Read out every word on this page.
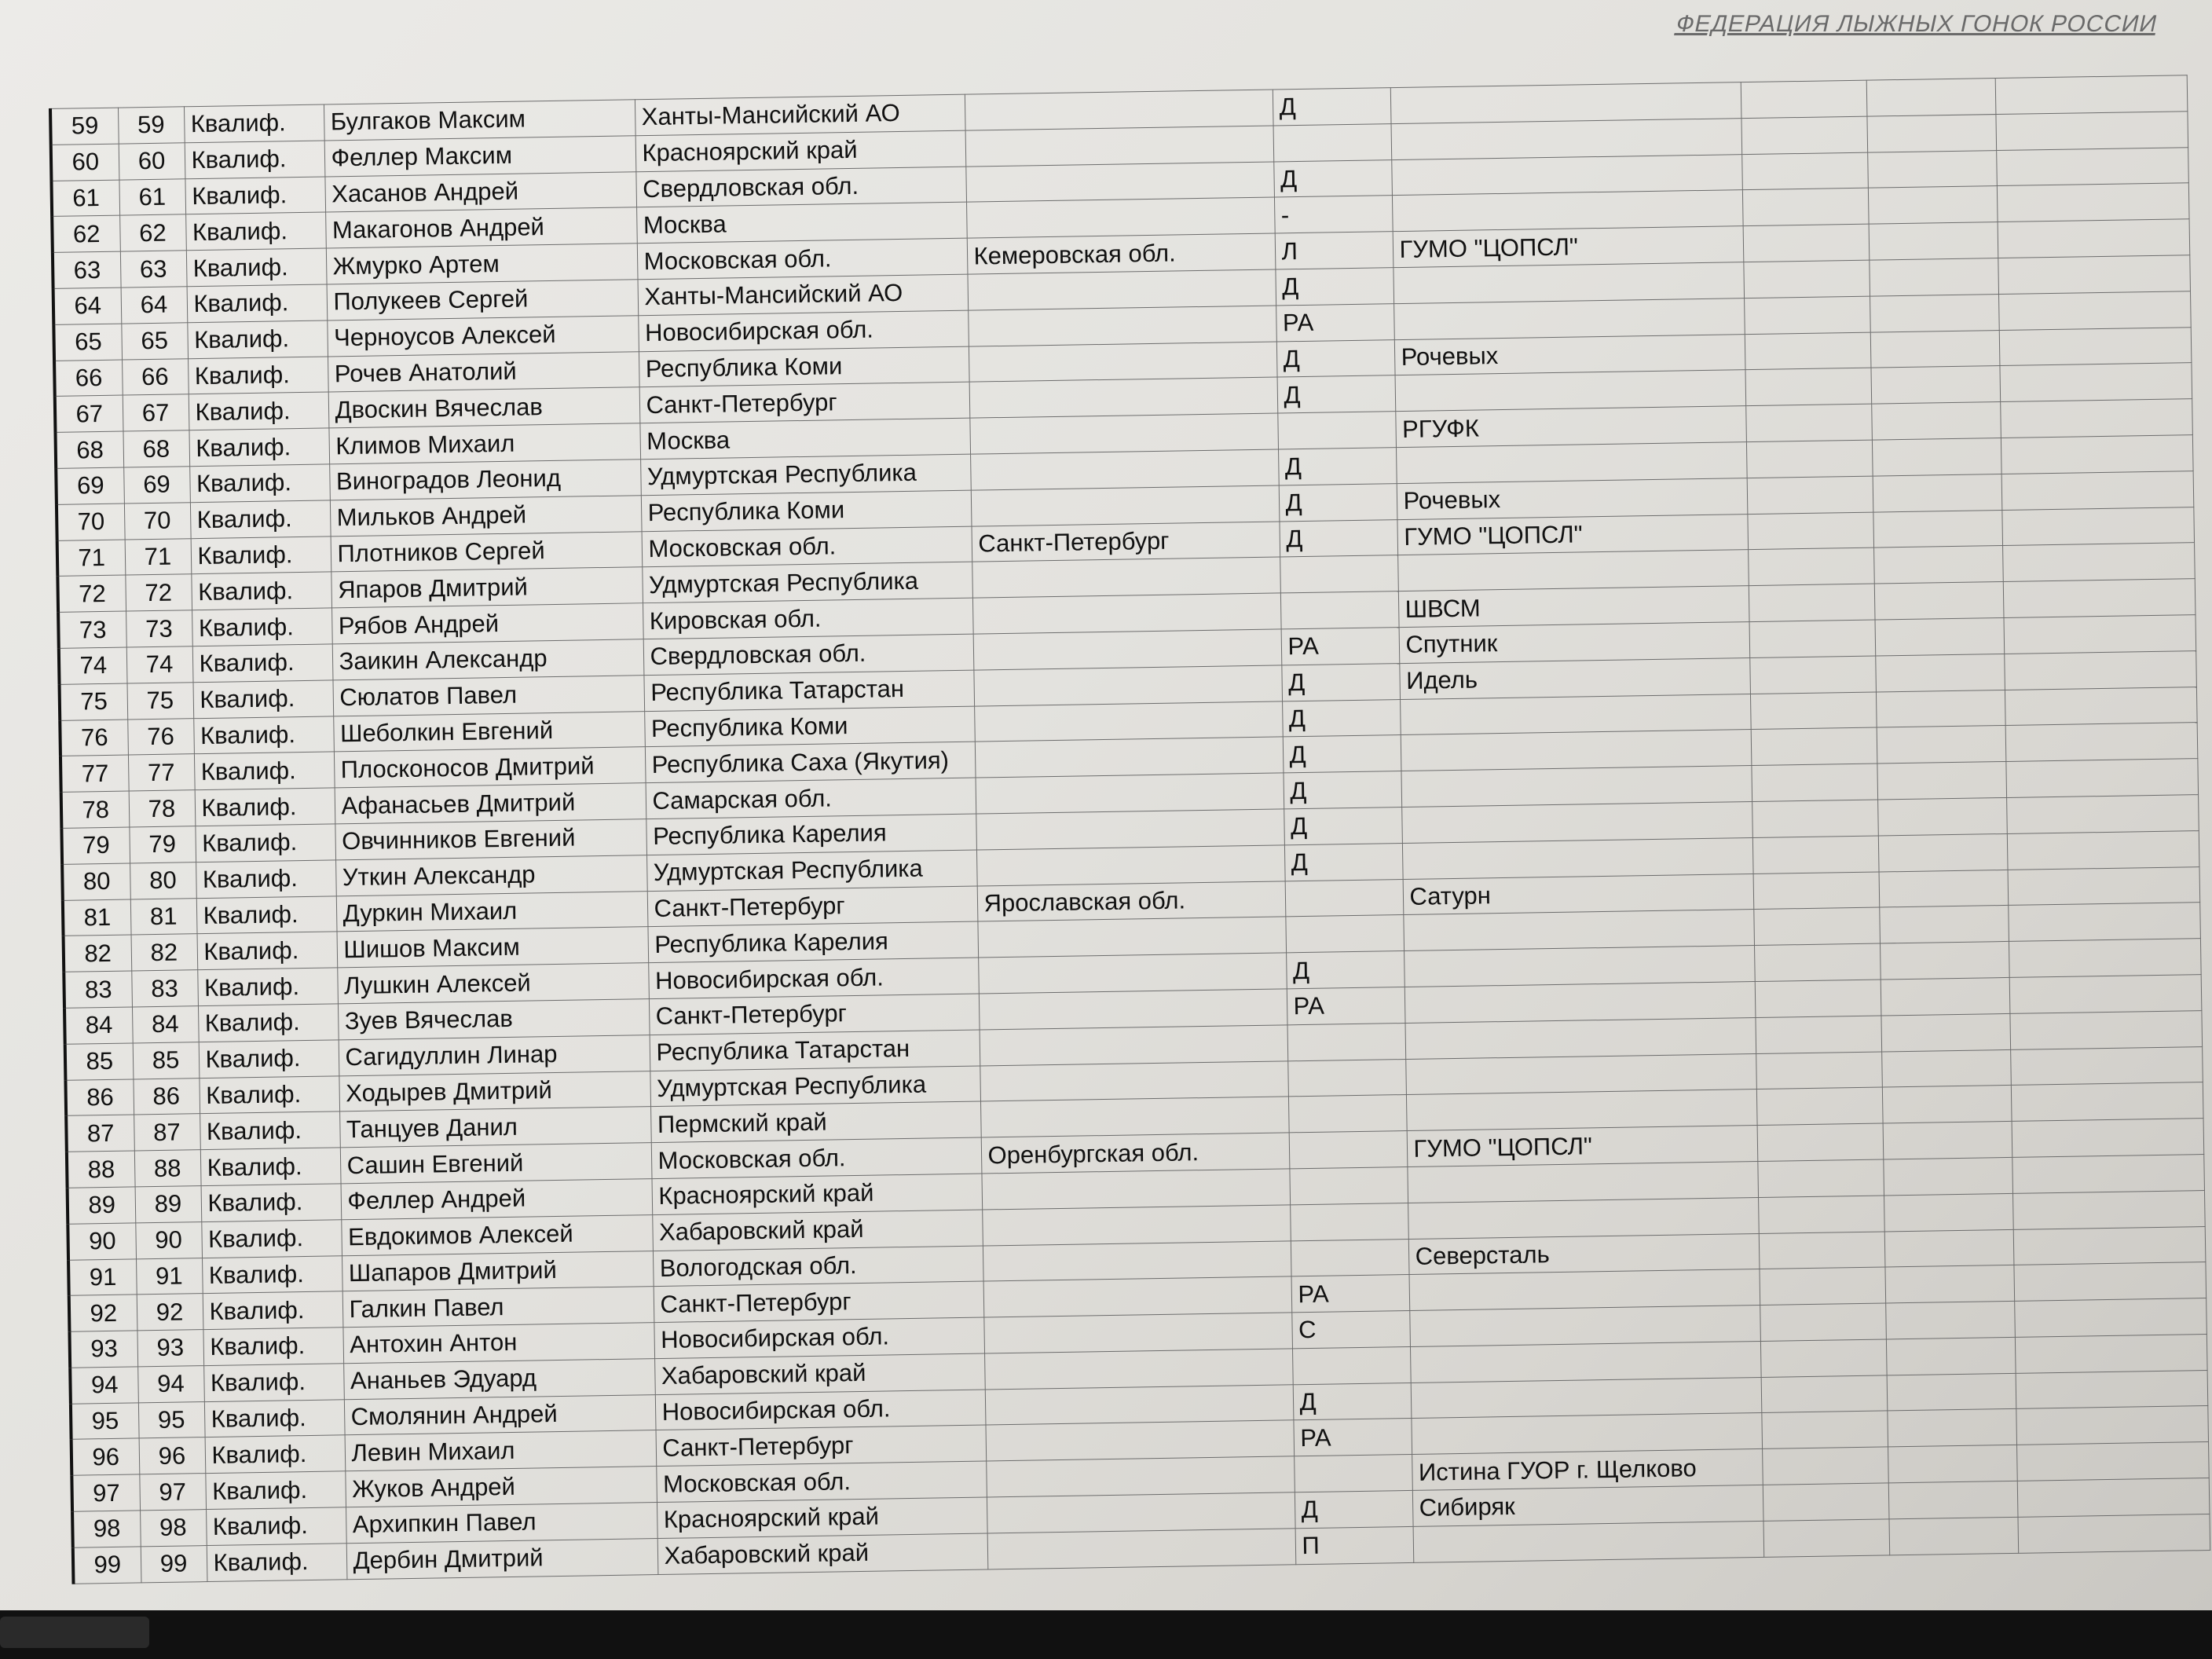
ФЕДЕРАЦИЯ ЛЫЖНЫХ ГОНОК РОССИИ
59	59	Квалиф.	Булгаков Максим	Ханты-Мансийский АО		Д				
60	60	Квалиф.	Феллер Максим	Красноярский край						
61	61	Квалиф.	Хасанов Андрей	Свердловская обл.		Д				
62	62	Квалиф.	Макагонов Андрей	Москва		-				
63	63	Квалиф.	Жмурко Артем	Московская обл.	Кемеровская обл.	Л	ГУМО "ЦОПСЛ"			
64	64	Квалиф.	Полукеев Сергей	Ханты-Мансийский АО		Д				
65	65	Квалиф.	Черноусов Алексей	Новосибирская обл.		РА				
66	66	Квалиф.	Рочев Анатолий	Республика Коми		Д	Рочевых			
67	67	Квалиф.	Двоскин Вячеслав	Санкт-Петербург		Д				
68	68	Квалиф.	Климов Михаил	Москва			РГУФК			
69	69	Квалиф.	Виноградов Леонид	Удмуртская Республика		Д				
70	70	Квалиф.	Мильков Андрей	Республика Коми		Д	Рочевых			
71	71	Квалиф.	Плотников Сергей	Московская обл.	Санкт-Петербург	Д	ГУМО "ЦОПСЛ"			
72	72	Квалиф.	Япаров Дмитрий	Удмуртская Республика						
73	73	Квалиф.	Рябов Андрей	Кировская обл.			ШВСМ			
74	74	Квалиф.	Заикин Александр	Свердловская обл.		РА	Спутник			
75	75	Квалиф.	Сюлатов Павел	Республика Татарстан		Д	Идель			
76	76	Квалиф.	Шеболкин Евгений	Республика Коми		Д				
77	77	Квалиф.	Плосконосов Дмитрий	Республика Саха (Якутия)		Д				
78	78	Квалиф.	Афанасьев Дмитрий	Самарская обл.		Д				
79	79	Квалиф.	Овчинников Евгений	Республика Карелия		Д				
80	80	Квалиф.	Уткин Александр	Удмуртская Республика		Д				
81	81	Квалиф.	Дуркин Михаил	Санкт-Петербург	Ярославская обл.		Сатурн			
82	82	Квалиф.	Шишов Максим	Республика Карелия						
83	83	Квалиф.	Лушкин Алексей	Новосибирская обл.		Д				
84	84	Квалиф.	Зуев Вячеслав	Санкт-Петербург		РА				
85	85	Квалиф.	Сагидуллин Линар	Республика Татарстан						
86	86	Квалиф.	Ходырев Дмитрий	Удмуртская Республика						
87	87	Квалиф.	Танцуев Данил	Пермский край						
88	88	Квалиф.	Сашин Евгений	Московская обл.	Оренбургская обл.		ГУМО "ЦОПСЛ"			
89	89	Квалиф.	Феллер Андрей	Красноярский край						
90	90	Квалиф.	Евдокимов Алексей	Хабаровский край						
91	91	Квалиф.	Шапаров Дмитрий	Вологодская обл.			Северсталь			
92	92	Квалиф.	Галкин Павел	Санкт-Петербург		РА				
93	93	Квалиф.	Антохин Антон	Новосибирская обл.		С				
94	94	Квалиф.	Ананьев Эдуард	Хабаровский край						
95	95	Квалиф.	Смолянин Андрей	Новосибирская обл.		Д				
96	96	Квалиф.	Левин Михаил	Санкт-Петербург		РА				
97	97	Квалиф.	Жуков Андрей	Московская обл.			Истина ГУОР г. Щелково			
98	98	Квалиф.	Архипкин Павел	Красноярский край		Д	Сибиряк			
99	99	Квалиф.	Дербин Дмитрий	Хабаровский край		П				
